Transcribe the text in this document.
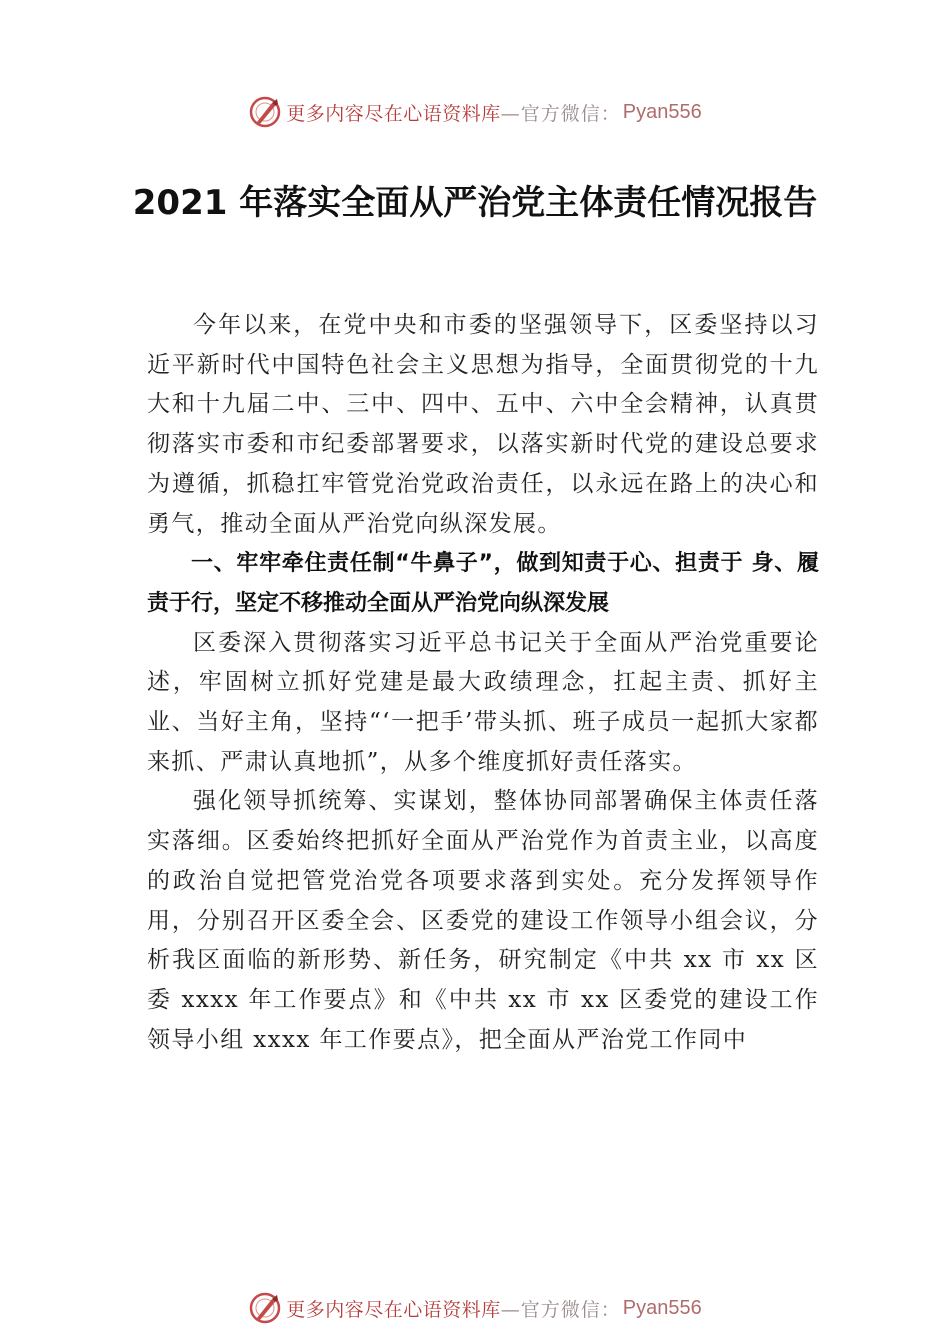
更多内容尽在心语资料库 —官方微信： Pyan556
2021 年落实全面从严治党主体责任情况报告

今年以来，在党中央和市委的坚强领导下，区委坚持以习近平新时代中国特色社会主义思想为指导，全面贯彻党的十九大和十九届二中、三中、四中、五中、六中全会精神，认真贯彻落实市委和市纪委部署要求，以落实新时代党的建设总要求为遵循，抓稳扛牢管党治党政治责任，以永远在路上的决心和勇气，推动全面从严治党向纵深发展。

一、牢牢牵住责任制“牛鼻子”，做到知责于心、担责于 身、履责于行，坚定不移推动全面从严治党向纵深发展

区委深入贯彻落实习近平总书记关于全面从严治党重要论述，牢固树立抓好党建是最大政绩理念，扛起主责、抓好主业、当好主角，坚持“‘一把手’带头抓、班子成员一起抓大家都来抓、严肃认真地抓”，从多个维度抓好责任落实。

强化领导抓统筹、实谋划，整体协同部署确保主体责任落实落细。区委始终把抓好全面从严治党作为首责主业，以高度的政治自觉把管党治党各项要求落到实处。充分发挥领导作用，分别召开区委全会、区委党的建设工作领导小组会议，分析我区面临的新形势、新任务，研究制定《中共 xx 市 xx 区委 xxxx 年工作要点》和《中共 xx 市 xx 区委党的建设工作领导小组 xxxx 年工作要点》，把全面从严治党工作同中

更多内容尽在心语资料库 —官方微信： Pyan556
